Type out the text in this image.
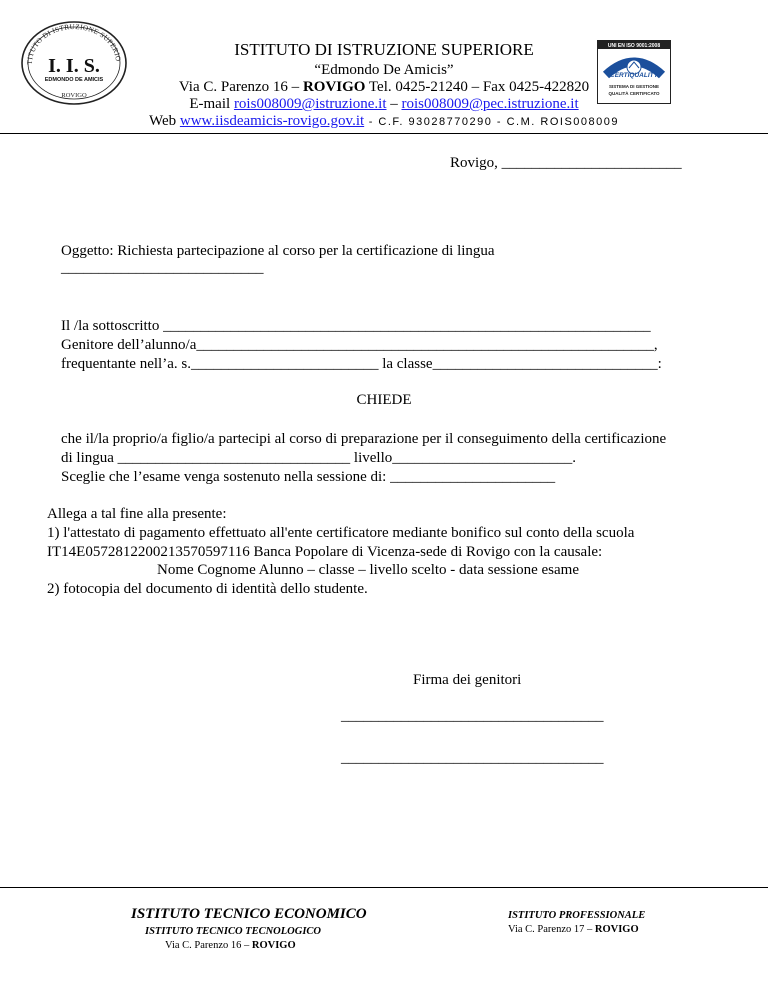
TITUTO DI ISTRUZIONE SUPERIO
I. I. S.
EDMONDO DE AMICIS
ROVIGO
UNI EN ISO 9001:2008
CERTIQUALITY
SISTEMA DI GESTIONE
QUALITÀ CERTIFICATO
ISTITUTO DI ISTRUZIONE SUPERIORE
“Edmondo De Amicis”
Via C. Parenzo 16 – ROVIGO Tel. 0425-21240 – Fax 0425-422820
E-mail rois008009@istruzione.it – rois008009@pec.istruzione.it
Web www.iisdeamicis-rovigo.gov.it - C.F. 93028770290 - C.M. ROIS008009
Rovigo, ________________________
Oggetto: Richiesta partecipazione al corso per la certificazione di lingua
___________________________
Il /la sottoscritto _________________________________________________________________
Genitore dell’alunno/a_____________________________________________________________,
frequentante nell’a. s._________________________ la classe______________________________:
CHIEDE
che il/la proprio/a figlio/a partecipi al corso di preparazione per il conseguimento della certificazione
di lingua _______________________________ livello________________________.
Sceglie che l’esame venga sostenuto nella sessione di: ______________________
Allega a tal fine alla presente:
1) l'attestato di pagamento effettuato all'ente certificatore mediante bonifico sul conto della scuola
IT14E0572812200213570597116 Banca Popolare di Vicenza-sede di Rovigo con la causale:
Nome Cognome Alunno – classe – livello scelto - data sessione esame
2) fotocopia del documento di identità dello studente.
Firma dei genitori
___________________________________
___________________________________
ISTITUTO TECNICO ECONOMICO
ISTITUTO TECNICO TECNOLOGICO
Via C. Parenzo 16 – ROVIGO
ISTITUTO PROFESSIONALE
Via C. Parenzo 17 – ROVIGO
